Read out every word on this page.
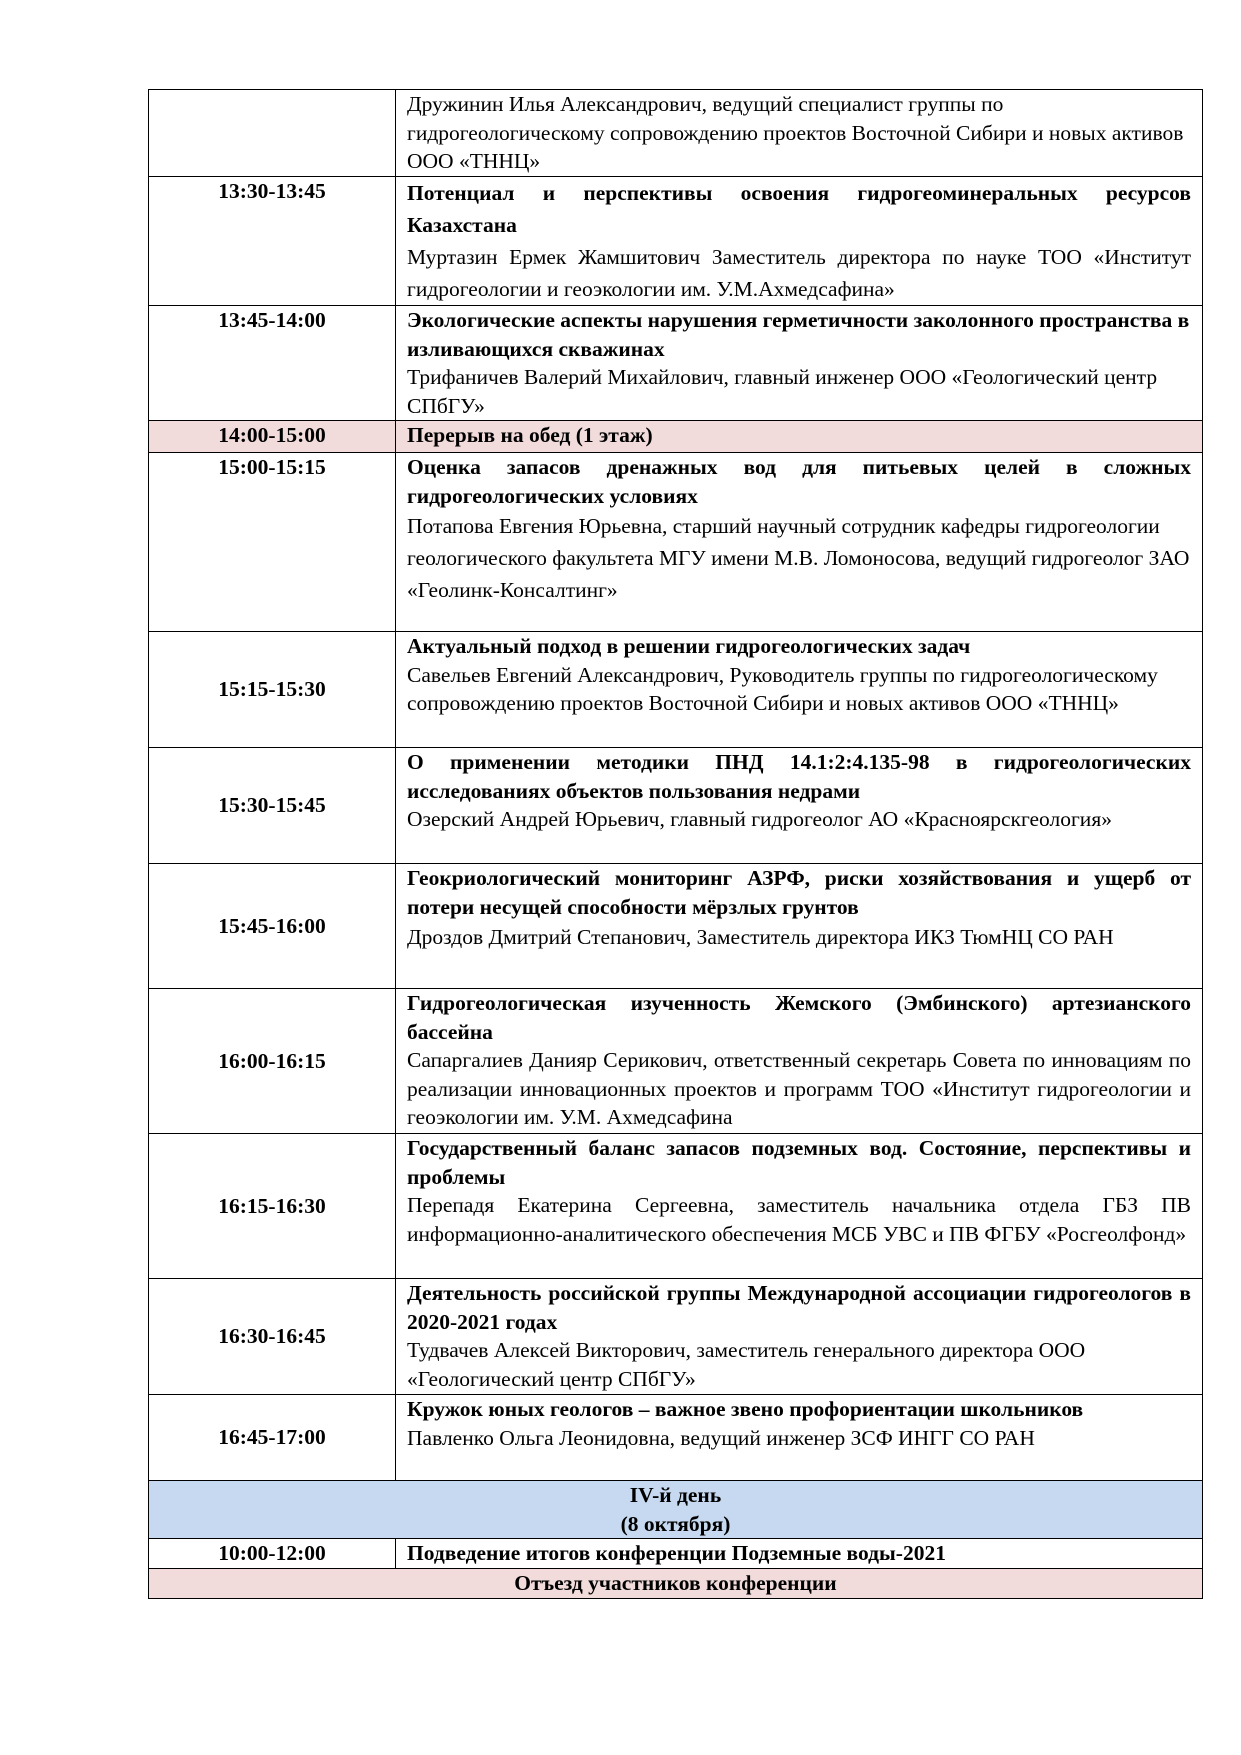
	Дружинин Илья Александрович, ведущий специалист группы по гидрогеологическому сопровождению проектов Восточной Сибири и новых активов ООО «ТННЦ»

13:30-13:45	Потенциал и перспективы освоения гидрогеоминеральных ресурсов Казахстана
Муртазин Ермек Жамшитович Заместитель директора по науке ТОО «Институт гидрогеологии и геоэкологии им. У.М.Ахмедсафина»

13:45-14:00	Экологические аспекты нарушения герметичности заколонного пространства в изливающихся скважинах
Трифаничев Валерий Михайлович, главный инженер ООО «Геологический центр СПбГУ»

14:00-15:00	Перерыв на обед (1 этаж)

15:00-15:15	Оценка запасов дренажных вод для питьевых целей в сложных гидрогеологических условиях
Потапова Евгения Юрьевна, старший научный сотрудник кафедры гидрогеологии геологического факультета МГУ имени М.В. Ломоносова, ведущий гидрогеолог ЗАО «Геолинк-Консалтинг»

15:15-15:30	Актуальный подход в решении гидрогеологических задач
Савельев Евгений Александрович, Руководитель группы по гидрогеологическому сопровождению проектов Восточной Сибири и новых активов ООО «ТННЦ»

15:30-15:45	О применении методики ПНД 14.1:2:4.135-98 в гидрогеологических исследованиях объектов пользования недрами
Озерский Андрей Юрьевич, главный гидрогеолог АО «Красноярскгеология»

15:45-16:00	Геокриологический мониторинг АЗРФ, риски хозяйствования и ущерб от потери несущей способности мёрзлых грунтов
Дроздов Дмитрий Степанович, Заместитель директора ИКЗ ТюмНЦ СО РАН

16:00-16:15	Гидрогеологическая изученность Жемского (Эмбинского) артезианского бассейна
Сапаргалиев Данияр Серикович, ответственный секретарь Совета по инновациям по реализации инновационных проектов и программ ТОО «Институт гидрогеологии и геоэкологии им. У.М. Ахмедсафина

16:15-16:30	Государственный баланс запасов подземных вод. Состояние, перспективы и проблемы
Перепадя Екатерина Сергеевна, заместитель начальника отдела ГБЗ ПВ информационно-аналитического обеспечения МСБ УВС и ПВ ФГБУ «Росгеолфонд»

16:30-16:45	Деятельность российской группы Международной ассоциации гидрогеологов в 2020-2021 годах
Тудвачев Алексей Викторович, заместитель генерального директора ООО «Геологический центр СПбГУ»

16:45-17:00	Кружок юных геологов – важное звено профориентации школьников
Павленко Ольга Леонидовна, ведущий инженер ЗСФ ИНГГ СО РАН

IV-й день
(8 октября)	

10:00-12:00	Подведение итогов конференции Подземные воды-2021
Отъезд участников конференции	
